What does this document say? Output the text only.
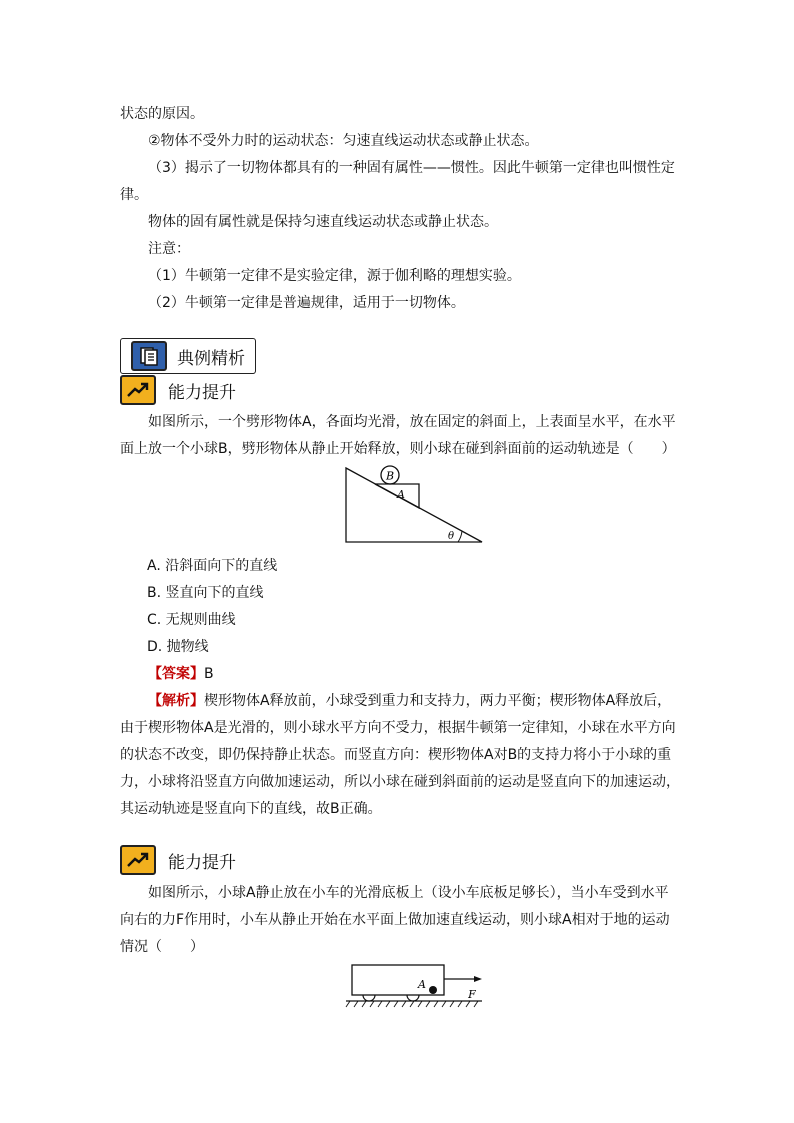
状态的原因。

②物体不受外力时的运动状态：匀速直线运动状态或静止状态。

（3）揭示了一切物体都具有的一种固有属性——惯性。因此牛顿第一定律也叫惯性定律。

物体的固有属性就是保持匀速直线运动状态或静止状态。

注意：

（1）牛顿第一定律不是实验定律，源于伽利略的理想实验。

（2）牛顿第一定律是普遍规律，适用于一切物体。

典例精析
能力提升

如图所示，一个劈形物体A，各面均光滑，放在固定的斜面上，上表面呈水平，在水平面上放一个小球B，劈形物体从静止开始释放，则小球在碰到斜面前的运动轨迹是（　　）

B
A
θ

A. 沿斜面向下的直线

B. 竖直向下的直线

C. 无规则曲线

D. 抛物线

【答案】B

【解析】楔形物体A释放前，小球受到重力和支持力，两力平衡；楔形物体A释放后，由于楔形物体A是光滑的，则小球水平方向不受力，根据牛顿第一定律知，小球在水平方向的状态不改变，即仍保持静止状态。而竖直方向：楔形物体A对B的支持力将小于小球的重力，小球将沿竖直方向做加速运动，所以小球在碰到斜面前的运动是竖直向下的加速运动，其运动轨迹是竖直向下的直线，故B正确。

能力提升

如图所示，小球A静止放在小车的光滑底板上（设小车底板足够长），当小车受到水平向右的力F作用时，小车从静止开始在水平面上做加速直线运动，则小球A相对于地的运动情况（　　）

A
F
